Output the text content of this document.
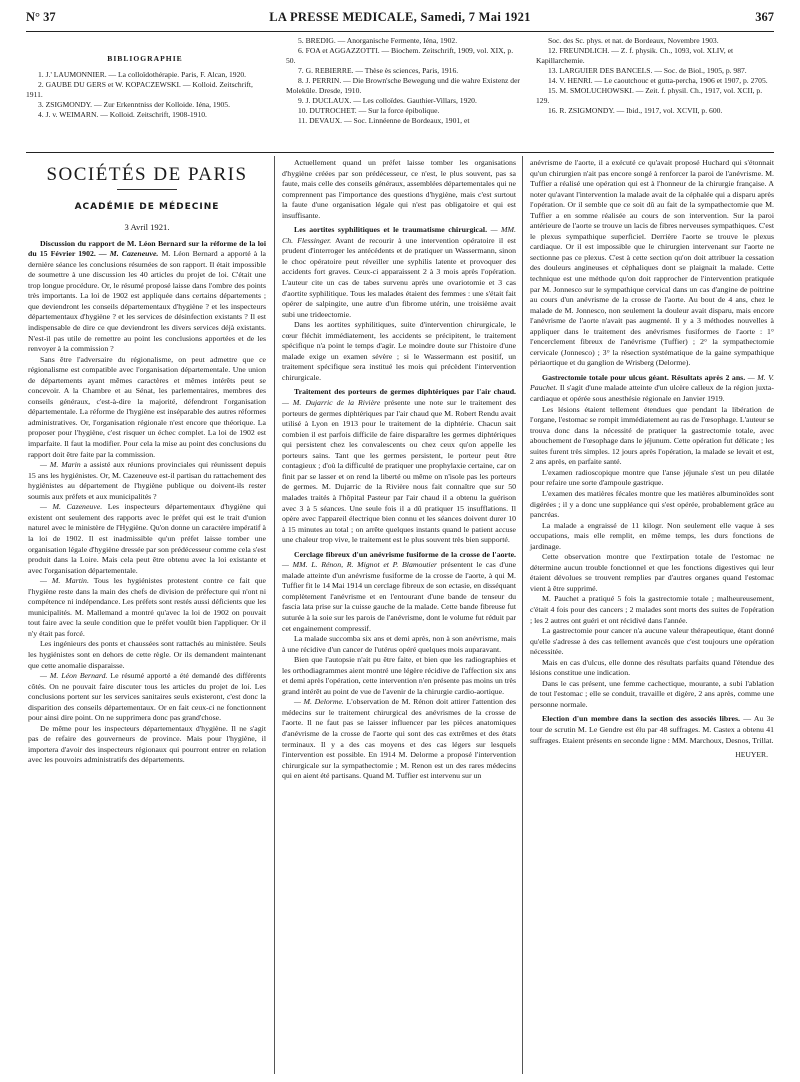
N° 37	LA PRESSE MEDICALE, Samedi, 7 Mai 1921	367
BIBLIOGRAPHIE

1. J.' LAUMONNIER. — La colloïdothérapie. Paris, F. Alcan, 1920.

2. GAUBE DU GERS et W. KOPACZEWSKI. — Kolloid. Zeitschrift, 1911.

3. ZSIGMONDY. — Zur Erkenntniss der Kolloide. Iéna, 1905.

4. J. v. WEIMARN. — Kolloid. Zeitschrift, 1908-1910.

5. BREDIG. — Anorganische Fermente, Iéna, 1902.

6. FOA et AGGAZZOTTI. — Biochem. Zeitschrift, 1909, vol. XIX, p. 50.

7. G. REBIERRE. — Thèse ès sciences, Paris, 1916.

8. J. PERRIN. — Die Brown'sche Bewegung und die wahre Existenz der Molekûle. Dresde, 1910.

9. J. DUCLAUX. — Les colloïdes. Gauthier-Villars, 1920.

10. DUTROCHET. — Sur la force épibolique.

11. DEVAUX. — Soc. Linnéenne de Bordeaux, 1901, et

Soc. des Sc. phys. et nat. de Bordeaux, Novembre 1903.

12. FREUNDLICH. — Z. f. physik. Ch., 1093, vol. XLIV, et Kapillarchemie.

13. LARGUIER DES BANCELS. — Soc. de Biol., 1905, p. 987.

14. V. HENRI. — Le caoutchouc et gutta-percha, 1906 et 1907, p. 2705.

15. M. SMOLUCHOWSKI. — Zeit. f. physil. Ch., 1917, vol. XCII, p. 129.

16. R. ZSIGMONDY. — Ibid., 1917, vol. XCVII, p. 600.

SOCIÉTÉS DE PARIS
ACADÉMIE DE MÉDECINE
3 Avril 1921.

Discussion du rapport de M. Léon Bernard sur la réforme de la loi du 15 Février 1902. — M. Cazeneuve. M. Léon Bernard a apporté à la dernière séance les conclusions résumées de son rapport. Il était impossible de soumettre à une discussion les 40 articles du projet de loi. C'était une trop longue procédure. Or, le résumé proposé laisse dans l'ombre des points très importants. La loi de 1902 est appliquée dans certains départements ; que deviendront les conseils départementaux d'hygiène ? et les inspecteurs départementaux d'hygiène ? et les services de désinfection existants ? Il est indispensable de dire ce que deviendront les divers services déjà existants. N'est-il pas utile de remettre au point les conclusions apportées et de les renvoyer à la commission ?

Sans être l'adversaire du régionalisme, on peut admettre que ce régionalisme est compatible avec l'organisation départementale. Une union de départements ayant mêmes caractères et mêmes intérêts peut se concevoir. A la Chambre et au Sénat, les parlementaires, membres des conseils généraux, c'est-à-dire la majorité, défendront l'organisation départementale. La réforme de l'hygiène est inséparable des autres réformes administratives. Or, l'organisation régionale n'est encore que théorique. La proposer pour l'hygiène, c'est risquer un échec complet. La loi de 1902 est imparfaite. Il faut la modifier. Pour cela la mise au point des conclusions du rapport doit être faite par la commission.

— M. Marin a assisté aux réunions provinciales qui réunissent depuis 15 ans les hygiénistes. Or, M. Cazeneuve est-il partisan du rattachement des hygiénistes au département de l'hygiène publique ou doivent-ils rester soumis aux préfets et aux municipalités ?

— M. Cazeneuve. Les inspecteurs départementaux d'hygiène qui existent ont seulement des rapports avec le préfet qui est le trait d'union naturel avec le ministère de l'Hygiène. Qu'on donne un caractère impératif à la loi de 1902. Il est inadmissible qu'un préfet laisse tomber une organisation légale d'hygiène dressée par son prédécesseur comme cela s'est produit dans la Loire. Mais cela peut être obtenu avec la loi existante et avec l'organisation départementale.

— M. Martin. Tous les hygiénistes protestent contre ce fait que l'hygiène reste dans la main des chefs de division de préfecture qui n'ont ni compétence ni indépendance. Les préfets sont restés aussi déficients que les municipalités. M. Mallemand a montré qu'avec la loi de 1902 on pouvait tout faire avec la seule condition que le préfet voulût bien l'appliquer. Or il n'y était pas forcé.

Les ingénieurs des ponts et chaussées sont rattachés au ministère. Seuls les hygiénistes sont en dehors de cette règle. Or ils demandent maintenant que cette anomalie disparaisse.

— M. Léon Bernard. Le résumé apporté a été demandé des différents côtés. On ne pouvait faire discuter tous les articles du projet de loi. Les conclusions portent sur les services sanitaires seuls existeront, c'est donc la disparition des conseils départementaux. Or en fait ceux-ci ne fonctionnent pour ainsi dire point. On ne supprimera donc pas grand'chose.

De même pour les inspecteurs départementaux d'hygiène. Il ne s'agit pas de refaire des gouverneurs de province. Mais pour l'hygiène, il importera d'avoir des inspecteurs régionaux qui pourront entrer en relation avec les pouvoirs administratifs des départements.

Actuellement quand un préfet laisse tomber les organisations d'hygiène créées par son prédécesseur, ce n'est, le plus souvent, pas sa faute, mais celle des conseils généraux, assemblées départementales qui ne comprennent pas l'importance des questions d'hygiène, mais c'est surtout la faute d'une organisation légale qui n'est pas obligatoire et qui est insuffisante.

Les aortites syphilitiques et le traumatisme chirurgical. — MM. Ch. Flessinger. Avant de recourir à une intervention opératoire il est prudent d'interroger les antécédents et de pratiquer un Wassermann, sinon le choc opératoire peut réveiller une syphilis latente et provoquer des accidents fort graves. Ceux-ci apparaissent 2 à 3 mois après l'opération. L'auteur cite un cas de tabes survenu après une ovariotomie et 3 cas d'aortite syphilitique. Tous les malades étaient des femmes : une s'était fait opérer de salpingite, une autre d'un fibrome utérin, une troisième avait subi une trideectomie.

Dans les aortites syphilitiques, suite d'intervention chirurgicale, le cœur fléchit immédiatement, les accidents se précipitent, le traitement spécifique n'a point le temps d'agir. Le moindre doute sur l'histoire d'une malade exige un examen sévère ; si le Wassermann est positif, un traitement spécifique sera institué les mois qui précèdent l'intervention chirurgicale.

Traitement des porteurs de germes diphtériques par l'air chaud. — M. Dujarric de la Rivière présente une note sur le traitement des porteurs de germes diphtériques par l'air chaud que M. Robert Rendu avait utilisé à Lyon en 1913 pour le traitement de la diphtérie. Chacun sait combien il est parfois difficile de faire disparaître les germes diphtériques qui persistent chez les convalescents ou chez ceux qu'on appelle les porteurs sains. Tant que les germes persistent, le porteur peut être contagieux ; d'où la difficulté de pratiquer une prophylaxie certaine, car on finit par se lasser et on rend la liberté ou même on n'isole pas les porteurs de germes. M. Dujarric de la Rivière nous fait connaître que sur 50 malades traités à l'hôpital Pasteur par l'air chaud il a obtenu la guérison avec 3 à 5 séances. Une seule fois il a dû pratiquer 15 insufflations. Il opère avec l'appareil électrique bien connu et les séances doivent durer 10 à 15 minutes au total ; on arrête quelques instants quand le patient accuse une chaleur trop vive, le traitement est le plus souvent très bien supporté.

Cerclage fibreux d'un anévrisme fusiforme de la crosse de l'aorte. — MM. L. Rénon, R. Mignot et P. Blamoutier présentent le cas d'une malade atteinte d'un anévrisme fusiforme de la crosse de l'aorte, à qui M. Tuffier fit le 14 Mai 1914 un cerclage fibreux de son ectasie, en disséquant complètement l'anévrisme et en l'entourant d'une bande de tenseur du fascia lata prise sur la cuisse gauche de la malade. Cette bande fibreuse fut suturée à la soie sur les parois de l'anévrisme, dont le volume fut réduit par cet engainement compressif.

La malade succomba six ans et demi après, non à son anévrisme, mais à une récidive d'un cancer de l'utérus opéré quelques mois auparavant.

Bien que l'autopsie n'ait pu être faite, et bien que les radiographies et les orthodiagrammes aient montré une légère récidive de l'affection six ans et demi après l'opération, cette intervention n'en présente pas moins un très grand intérêt au point de vue de l'avenir de la chirurgie cardio-aortique.

— M. Delorme. L'observation de M. Rénon doit attirer l'attention des médecins sur le traitement chirurgical des anévrismes de la crosse de l'aorte. Il ne faut pas se laisser influencer par les pièces anatomiques d'anévrisme de la crosse de l'aorte qui sont des cas extrêmes et des états terminaux. Il y a des cas moyens et des cas légers sur lesquels l'intervention est possible. En 1914 M. Delorme a proposé l'intervention chirurgicale sur la sympathectomie ; M. Renon est un des rares médecins qui en aient été partisans. Quand M. Tuffier est intervenu sur un

anévrisme de l'aorte, il a exécuté ce qu'avait proposé Huchard qui s'étonnait qu'un chirurgien n'ait pas encore songé à renforcer la paroi de l'anévrisme. M. Tuffier a réalisé une opération qui est à l'honneur de la chirurgie française. A noter qu'avant l'intervention la malade avait de la céphalée qui a disparu après l'opération. Or il semble que ce soit dû au fait de la sympathectomie que M. Tuffier a en somme réalisée au cours de son intervention. Sur la paroi antérieure de l'aorte se trouve un lacis de fibres nerveuses sympathiques. C'est le plexus sympathique superficiel. Derrière l'aorte se trouve le plexus cardiaque. Or il est impossible que le chirurgien intervenant sur l'aorte ne sectionne pas ce plexus. C'est à cette section qu'on doit attribuer la cessation des douleurs angineuses et céphaliques dont se plaignait la malade. Cette technique est une méthode qu'on doit rapprocher de l'intervention pratiquée par M. Jonnesco sur le sympathique cervical dans un cas d'angine de poitrine au cours d'un anévrisme de la crosse de l'aorte. Au bout de 4 ans, chez le malade de M. Jonnesco, non seulement la douleur avait disparu, mais encore l'anévrisme de l'aorte n'avait pas augmenté. Il y a 3 méthodes nouvelles à appliquer dans le traitement des anévrismes fusiformes de l'aorte : 1° l'encerclement fibreux de l'anévrisme (Tuffier) ; 2° la sympathectomie cervicale (Jonnesco) ; 3° la résection systématique de la gaine sympathique périaortique et du ganglion de Wrisberg (Delorme).

Gastrectomie totale pour ulcus géant. Résultats après 2 ans. — M. V. Pauchet. Il s'agit d'une malade atteinte d'un ulcère calleux de la région juxta-cardiaque et opérée sous anesthésie régionale en Janvier 1919.

Les lésions étaient tellement étendues que pendant la libération de l'organe, l'estomac se rompit immédiatement au ras de l'œsophage. L'auteur se trouva donc dans la nécessité de pratiquer la gastrectomie totale, avec abouchement de l'œsophage dans le jéjunum. Cette opération fut délicate ; les suites furent très simples. 12 jours après l'opération, la malade se levait et est, 2 ans après, en parfaite santé.

L'examen radioscopique montre que l'anse jéjunale s'est un peu dilatée pour refaire une sorte d'ampoule gastrique.

L'examen des matières fécales montre que les matières albuminoïdes sont digérées ; il y a donc une suppléance qui s'est opérée, probablement grâce au pancréas.

La malade a engraissé de 11 kilogr. Non seulement elle vaque à ses occupations, mais elle remplit, en même temps, les durs fonctions de jardinage.

Cette observation montre que l'extirpation totale de l'estomac ne détermine aucun trouble fonctionnel et que les fonctions digestives qui leur étaient dévolues se trouvent remplies par d'autres organes quand l'estomac vient à être supprimé.

M. Pauchet a pratiqué 5 fois la gastrectomie totale ; malheureusement, c'était 4 fois pour des cancers ; 2 malades sont morts des suites de l'opération ; les 2 autres ont guéri et ont récidivé dans l'année.

La gastrectomie pour cancer n'a aucune valeur thérapeutique, étant donné qu'elle s'adresse à des cas tellement avancés que c'est toujours une opération nécessitée.

Mais en cas d'ulcus, elle donne des résultats parfaits quand l'étendue des lésions constitue une indication.

Dans le cas présent, une femme cachectique, mourante, a subi l'ablation de tout l'estomac ; elle se conduit, travaille et digère, 2 ans après, comme une personne normale.

Election d'un membre dans la section des associés libres. — Au 3e tour de scrutin M. Le Gendre est élu par 48 suffrages. M. Castex a obtenu 41 suffrages. Etaient présents en seconde ligne : MM. Marchoux, Desnos, Trillat.

HEUYER.
